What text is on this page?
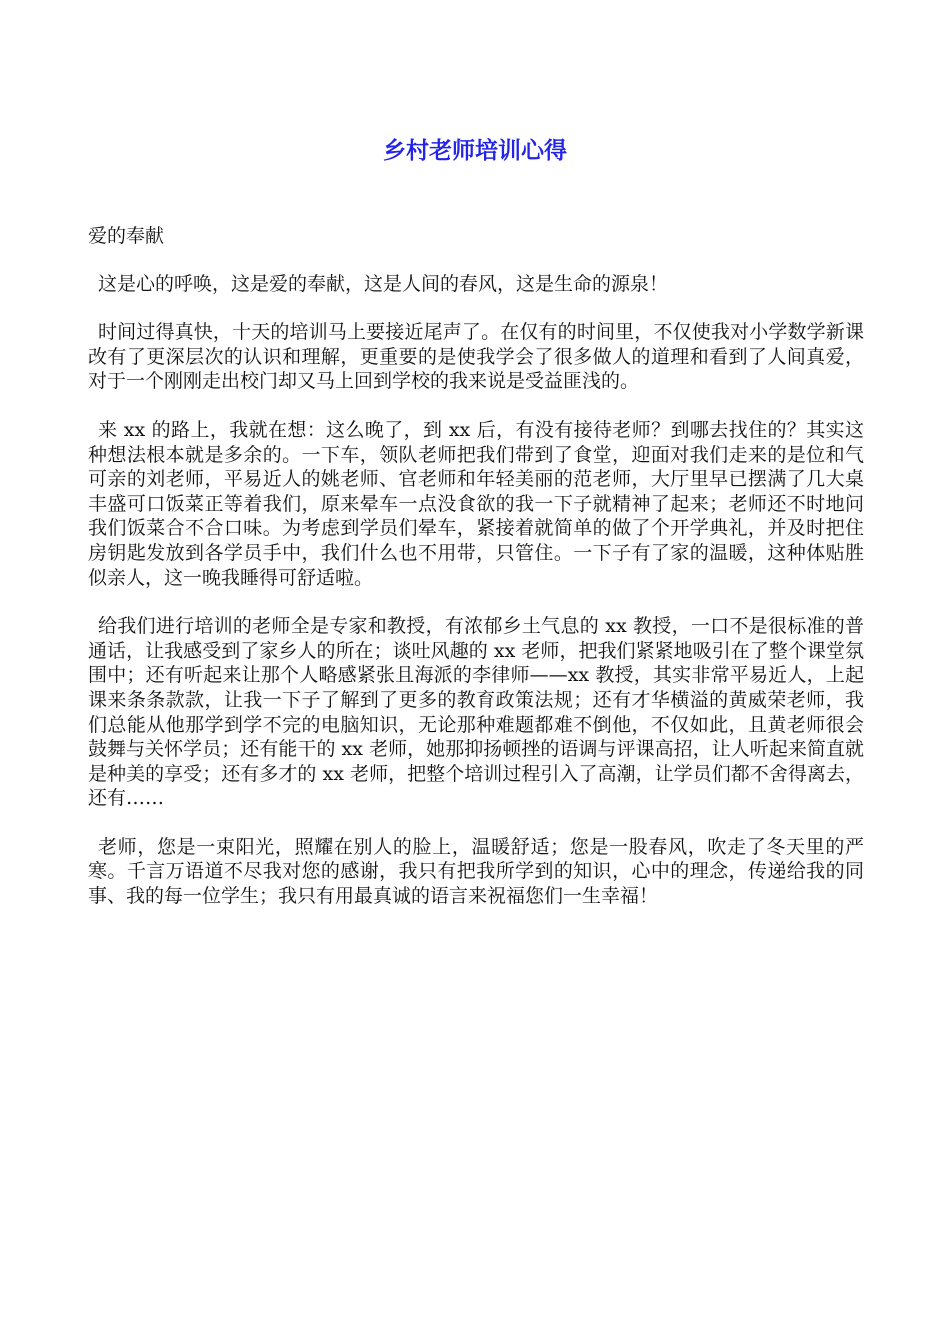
乡村老师培训心得

爱的奉献

这是心的呼唤，这是爱的奉献，这是人间的春风，这是生命的源泉！

时间过得真快，十天的培训马上要接近尾声了。在仅有的时间里，不仅使我对小学数学新课改有了更深层次的认识和理解，更重要的是使我学会了很多做人的道理和看到了人间真爱，对于一个刚刚走出校门却又马上回到学校的我来说是受益匪浅的。

来 xx 的路上，我就在想：这么晚了，到 xx 后，有没有接待老师？到哪去找住的？其实这种想法根本就是多余的。一下车，领队老师把我们带到了食堂，迎面对我们走来的是位和气可亲的刘老师，平易近人的姚老师、官老师和年轻美丽的范老师，大厅里早已摆满了几大桌丰盛可口饭菜正等着我们，原来晕车一点没食欲的我一下子就精神了起来；老师还不时地问我们饭菜合不合口味。为考虑到学员们晕车，紧接着就简单的做了个开学典礼，并及时把住房钥匙发放到各学员手中，我们什么也不用带，只管住。一下子有了家的温暖，这种体贴胜似亲人，这一晚我睡得可舒适啦。

给我们进行培训的老师全是专家和教授，有浓郁乡土气息的 xx 教授，一口不是很标准的普通话，让我感受到了家乡人的所在；谈吐风趣的 xx 老师，把我们紧紧地吸引在了整个课堂氛围中；还有听起来让那个人略感紧张且海派的李律师——xx 教授，其实非常平易近人，上起课来条条款款，让我一下子了解到了更多的教育政策法规；还有才华横溢的黄威荣老师，我们总能从他那学到学不完的电脑知识，无论那种难题都难不倒他，不仅如此，且黄老师很会鼓舞与关怀学员；还有能干的 xx 老师，她那抑扬顿挫的语调与评课高招，让人听起来简直就是种美的享受；还有多才的 xx 老师，把整个培训过程引入了高潮，让学员们都不舍得离去，还有……

老师，您是一束阳光，照耀在别人的脸上，温暖舒适；您是一股春风，吹走了冬天里的严寒。千言万语道不尽我对您的感谢，我只有把我所学到的知识，心中的理念，传递给我的同事、我的每一位学生；我只有用最真诚的语言来祝福您们一生幸福！
